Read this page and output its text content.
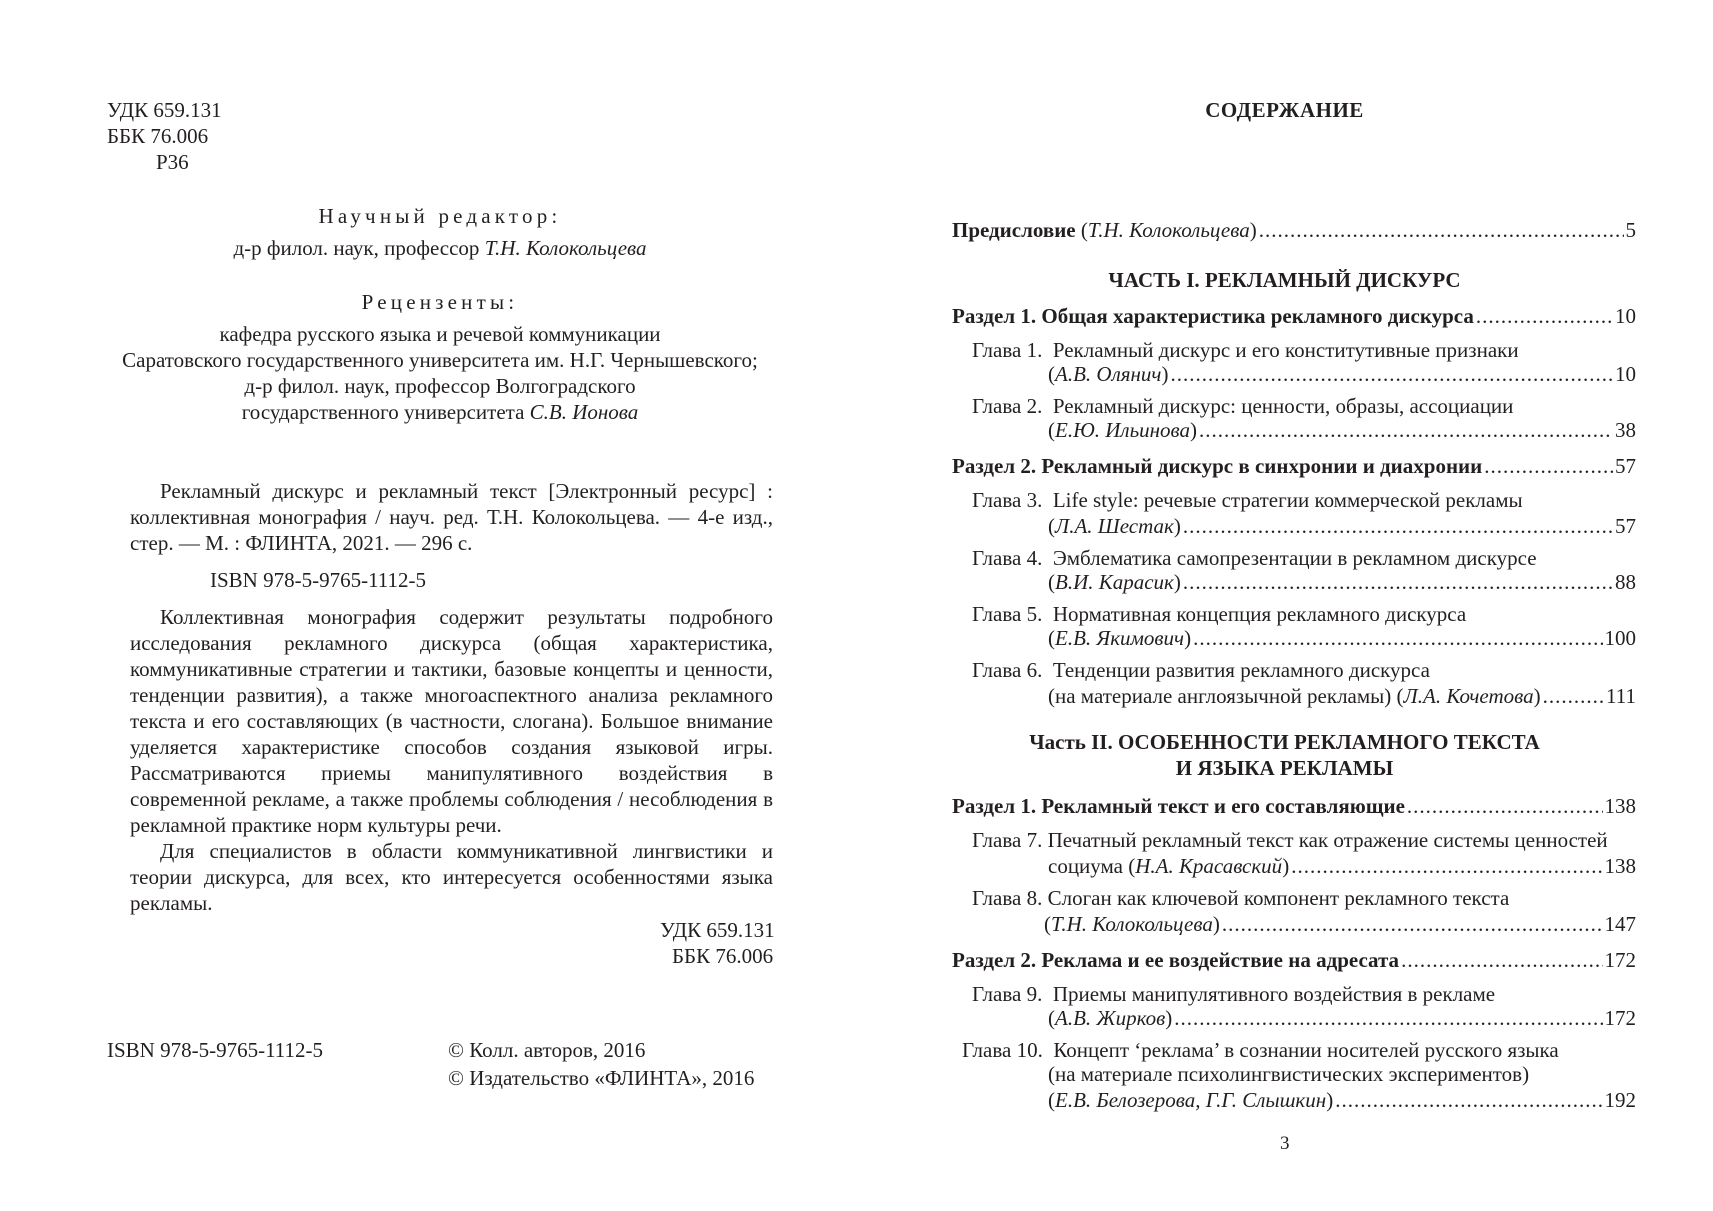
УДК 659.131
ББК 76.006
Р36
Научный редактор:
д-р филол. наук, профессор Т.Н. Колокольцева
Рецензенты:
кафедра русского языка и речевой коммуникации
Саратовского государственного университета им. Н.Г. Чернышевского;
д-р филол. наук, профессор Волгоградского
государственного университета С.В. Ионова

Рекламный дискурс и рекламный текст [Электронный ресурс] : коллективная монография / науч. ред. Т.Н. Колокольцева. — 4-е изд., стер. — М. : ФЛИНТА, 2021. — 296 с.

ISBN 978-5-9765-1112-5

Коллективная монография содержит результаты подробного исследования рекламного дискурса (общая характеристика, коммуникативные стратегии и тактики, базовые концепты и ценности, тенденции развития), а также многоаспектного анализа рекламного текста и его составляющих (в частности, слогана). Большое внимание уделяется характеристике способов создания языковой игры. Рассматриваются приемы манипулятивного воздействия в современной рекламе, а также проблемы соблюдения / несоблюдения в рекламной практике норм культуры речи.

Для специалистов в области коммуникативной лингвистики и теории дискурса, для всех, кто интересуется особенностями языка рекламы.

УДК 659.131
ББК 76.006
ISBN 978-5-9765-1112-5	© Колл. авторов, 2016
© Издательство «ФЛИНТА», 2016
СОДЕРЖАНИЕ
Предисловие (Т.Н. Колокольцева) .....	5
ЧАСТЬ I. РЕКЛАМНЫЙ ДИСКУРС
Раздел 1. Общая характеристика рекламного дискурса .....	10
Глава 1. Рекламный дискурс и его конститутивные признаки
(А.В. Олянич) .....	10
Глава 2. Рекламный дискурс: ценности, образы, ассоциации
(Е.Ю. Ильинова) .....	38
Раздел 2. Рекламный дискурс в синхронии и диахронии .....	57
Глава 3. Life style: речевые стратегии коммерческой рекламы
(Л.А. Шестак) .....	57
Глава 4. Эмблематика самопрезентации в рекламном дискурсе
(В.И. Карасик) .....	88
Глава 5. Нормативная концепция рекламного дискурса
(Е.В. Якимович) .....	100
Глава 6. Тенденции развития рекламного дискурса
(на материале англоязычной рекламы) (Л.А. Кочетова) .....	111
Часть II. ОСОБЕННОСТИ РЕКЛАМНОГО ТЕКСТА
И ЯЗЫКА РЕКЛАМЫ
Раздел 1. Рекламный текст и его составляющие .....	138
Глава 7. Печатный рекламный текст как отражение системы ценностей
социума (Н.А. Красавский) .....	138
Глава 8. Слоган как ключевой компонент рекламного текста
(Т.Н. Колокольцева) .....	147
Раздел 2. Реклама и ее воздействие на адресата .....	172
Глава 9. Приемы манипулятивного воздействия в рекламе
(А.В. Жирков) .....	172
Глава 10. Концепт ‘реклама’ в сознании носителей русского языка
(на материале психолингвистических экспериментов)
(Е.В. Белозерова, Г.Г. Слышкин) .....	192
3
